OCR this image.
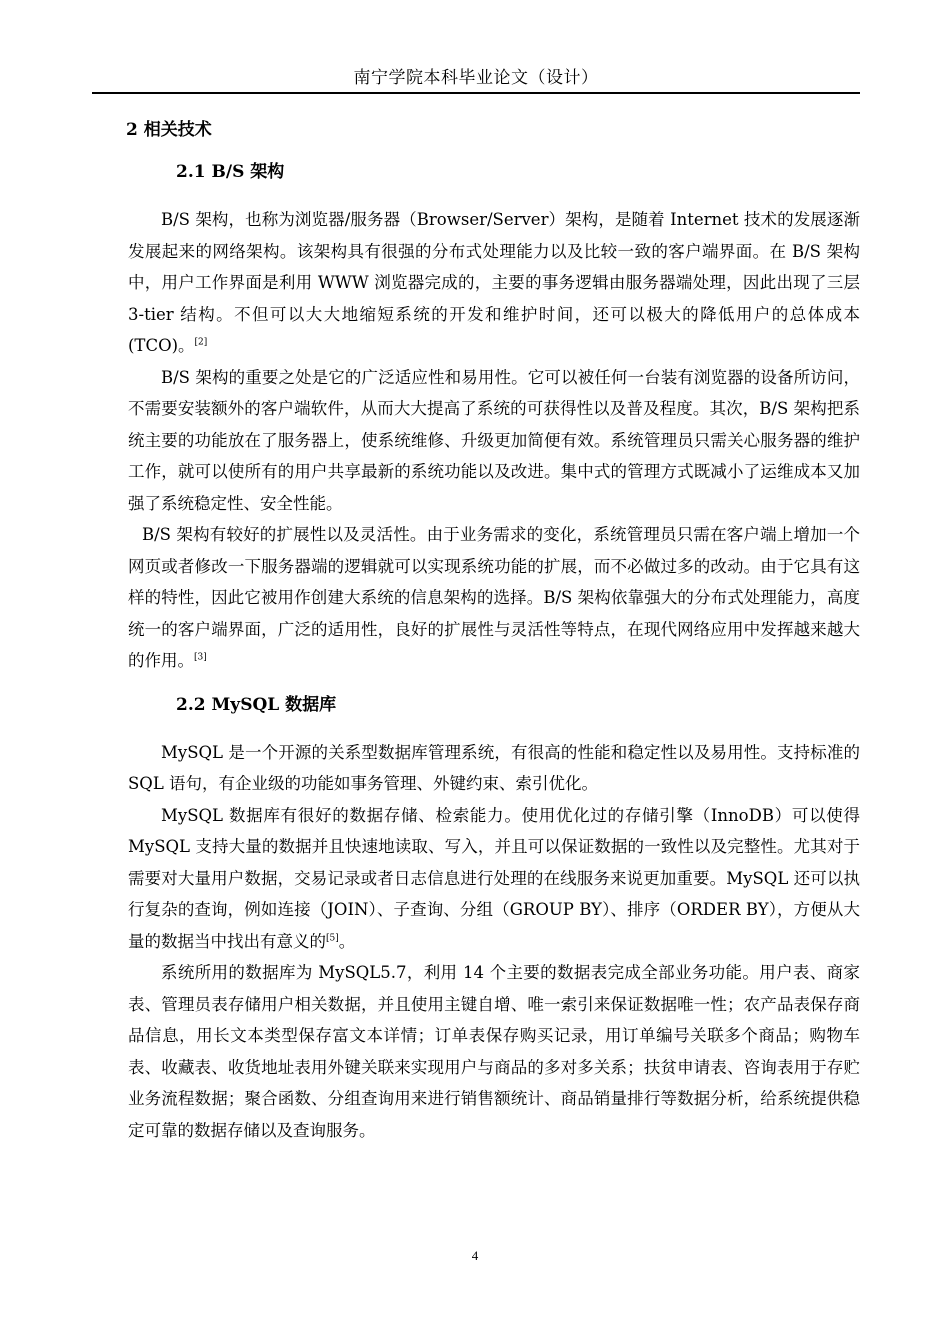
南宁学院本科毕业论文（设计）
2 相关技术
2.1 B/S 架构

B/S 架构，也称为浏览器/服务器（Browser/Server）架构，是随着 Internet 技术的发展逐渐发展起来的网络架构。该架构具有很强的分布式处理能力以及比较一致的客户端界面。在 B/S 架构中，用户工作界面是利用 WWW 浏览器完成的，主要的事务逻辑由服务器端处理，因此出现了三层 3-tier 结构。不但可以大大地缩短系统的开发和维护时间，还可以极大的降低用户的总体成本(TCO)。[2]

B/S 架构的重要之处是它的广泛适应性和易用性。它可以被任何一台装有浏览器的设备所访问，不需要安装额外的客户端软件，从而大大提高了系统的可获得性以及普及程度。其次，B/S 架构把系统主要的功能放在了服务器上，使系统维修、升级更加简便有效。系统管理员只需关心服务器的维护工作，就可以使所有的用户共享最新的系统功能以及改进。集中式的管理方式既减小了运维成本又加强了系统稳定性、安全性能。

B/S 架构有较好的扩展性以及灵活性。由于业务需求的变化，系统管理员只需在客户端上增加一个网页或者修改一下服务器端的逻辑就可以实现系统功能的扩展，而不必做过多的改动。由于它具有这样的特性，因此它被用作创建大系统的信息架构的选择。B/S 架构依靠强大的分布式处理能力，高度统一的客户端界面，广泛的适用性，良好的扩展性与灵活性等特点，在现代网络应用中发挥越来越大的作用。[3]

2.2 MySQL 数据库

MySQL 是一个开源的关系型数据库管理系统，有很高的性能和稳定性以及易用性。支持标准的 SQL 语句，有企业级的功能如事务管理、外键约束、索引优化。

MySQL 数据库有很好的数据存储、检索能力。使用优化过的存储引擎（InnoDB）可以使得 MySQL 支持大量的数据并且快速地读取、写入，并且可以保证数据的一致性以及完整性。尤其对于需要对大量用户数据，交易记录或者日志信息进行处理的在线服务来说更加重要。MySQL 还可以执行复杂的查询，例如连接（JOIN）、子查询、分组（GROUP BY）、排序（ORDER BY），方便从大量的数据当中找出有意义的[5]。

系统所用的数据库为 MySQL5.7，利用 14 个主要的数据表完成全部业务功能。用户表、商家表、管理员表存储用户相关数据，并且使用主键自增、唯一索引来保证数据唯一性；农产品表保存商品信息，用长文本类型保存富文本详情；订单表保存购买记录，用订单编号关联多个商品；购物车表、收藏表、收货地址表用外键关联来实现用户与商品的多对多关系；扶贫申请表、咨询表用于存贮业务流程数据；聚合函数、分组查询用来进行销售额统计、商品销量排行等数据分析，给系统提供稳定可靠的数据存储以及查询服务。

4
